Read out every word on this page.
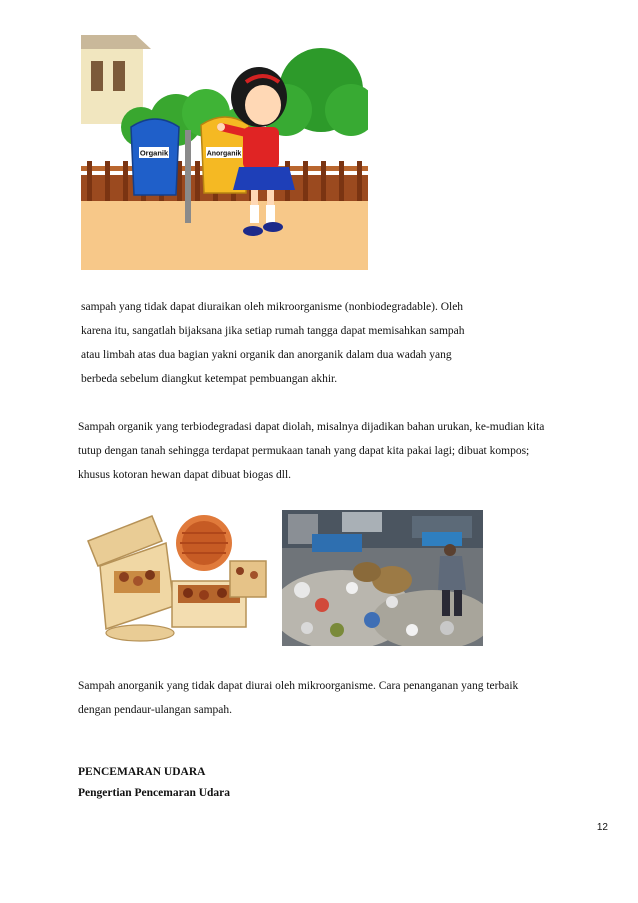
Organik	Anorganik
sampah yang tidak dapat diuraikan oleh mikroorganisme (nonbiodegradable). Oleh
karena itu, sangatlah bijaksana jika setiap rumah tangga dapat memisahkan sampah
atau limbah atas dua bagian yakni organik dan anorganik dalam dua wadah yang
berbeda sebelum diangkut ketempat pembuangan akhir.
Sampah organik yang terbiodegradasi dapat diolah, misalnya dijadikan bahan urukan, ke-mudian kita
tutup dengan tanah sehingga terdapat permukaan tanah yang dapat kita pakai lagi; dibuat kompos;
khusus kotoran hewan dapat dibuat biogas dll.
Sampah anorganik yang tidak dapat diurai oleh mikroorganisme. Cara penanganan yang terbaik
dengan pendaur-ulangan sampah.
PENCEMARAN UDARA
Pengertian Pencemaran Udara
12
